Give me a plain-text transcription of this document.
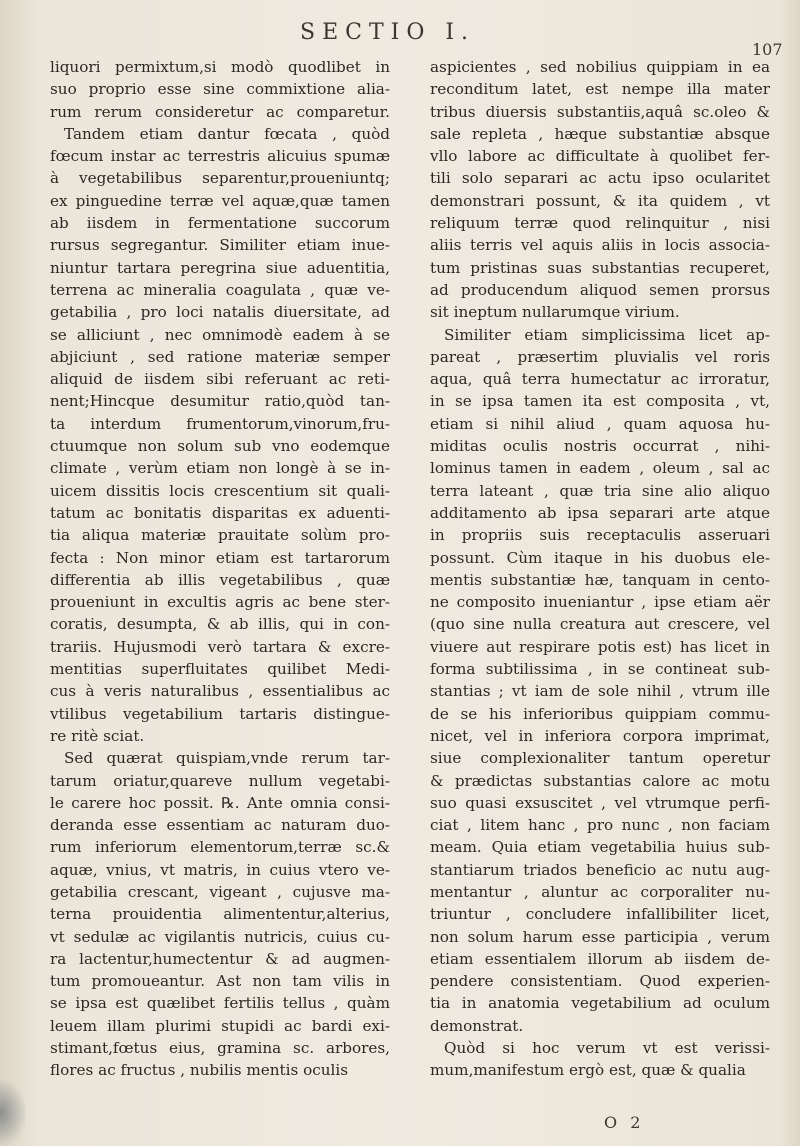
SECTIO I.
107
liquori permixtum,si modò quodlibet in
suo proprio esse sine commixtione alia-
rum rerum consideretur ac comparetur.
Tandem etiam dantur fœcata , quòd
fœcum instar ac terrestris alicuius spumæ
à vegetabilibus separentur,proueniuntq;
ex pinguedine terræ vel aquæ,quæ tamen
ab iisdem in fermentatione succorum
rursus segregantur. Similiter etiam inue-
niuntur tartara peregrina siue aduentitia,
terrena ac mineralia coagulata , quæ ve-
getabilia , pro loci natalis diuersitate, ad
se alliciunt , nec omnimodè eadem à se
abjiciunt , sed ratione materiæ semper
aliquid de iisdem sibi referuant ac reti-
nent;Hincque desumitur ratio,quòd tan-
ta interdum frumentorum,vinorum,fru-
ctuumque non solum sub vno eodemque
climate , verùm etiam non longè à se in-
uicem dissitis locis crescentium sit quali-
tatum ac bonitatis disparitas ex aduenti-
tia aliqua materiæ prauitate solùm pro-
fecta : Non minor etiam est tartarorum
differentia ab illis vegetabilibus , quæ
proueniunt in excultis agris ac bene ster-
coratis, desumpta, & ab illis, qui in con-
trariis. Hujusmodi verò tartara & excre-
mentitias superfluitates quilibet Medi-
cus à veris naturalibus , essentialibus ac
vtilibus vegetabilium tartaris distingue-
re ritè sciat.
Sed quærat quispiam,vnde rerum tar-
tarum oriatur,quareve nullum vegetabi-
le carere hoc possit. ℞. Ante omnia consi-
deranda esse essentiam ac naturam duo-
rum inferiorum elementorum,terræ sc.&
aquæ, vnius, vt matris, in cuius vtero ve-
getabilia crescant, vigeant , cujusve ma-
terna prouidentia alimententur,alterius,
vt sedulæ ac vigilantis nutricis, cuius cu-
ra lactentur,humectentur & ad augmen-
tum promoueantur. Ast non tam vilis in
se ipsa est quælibet fertilis tellus , quàm
leuem illam plurimi stupidi ac bardi exi-
stimant,fœtus eius, gramina sc. arbores,
flores ac fructus , nubilis mentis oculis
aspicientes , sed nobilius quippiam in ea
reconditum latet, est nempe illa mater
tribus diuersis substantiis,aquâ sc.oleo &
sale repleta , hæque substantiæ absque
vllo labore ac difficultate à quolibet fer-
tili solo separari ac actu ipso ocularitet
demonstrari possunt, & ita quidem , vt
reliquum terræ quod relinquitur , nisi
aliis terris vel aquis aliis in locis associa-
tum pristinas suas substantias recuperet,
ad producendum aliquod semen prorsus
sit ineptum nullarumque virium.
Similiter etiam simplicissima licet ap-
pareat , præsertim pluvialis vel roris
aqua, quâ terra humectatur ac irroratur,
in se ipsa tamen ita est composita , vt,
etiam si nihil aliud , quam aquosa hu-
miditas oculis nostris occurrat , nihi-
lominus tamen in eadem , oleum , sal ac
terra lateant , quæ tria sine alio aliquo
additamento ab ipsa separari arte atque
in propriis suis receptaculis asseruari
possunt. Cùm itaque in his duobus ele-
mentis substantiæ hæ, tanquam in cento-
ne composito inueniantur , ipse etiam aër
(quo sine nulla creatura aut crescere, vel
viuere aut respirare potis est) has licet in
forma subtilissima , in se contineat sub-
stantias ; vt iam de sole nihil , vtrum ille
de se his inferioribus quippiam commu-
nicet, vel in inferiora corpora imprimat,
siue complexionaliter tantum operetur
& prædictas substantias calore ac motu
suo quasi exsuscitet , vel vtrumque perfi-
ciat , litem hanc , pro nunc , non faciam
meam. Quia etiam vegetabilia huius sub-
stantiarum triados beneficio ac nutu aug-
mentantur , aluntur ac corporaliter nu-
triuntur , concludere infallibiliter licet,
non solum harum esse participia , verum
etiam essentialem illorum ab iisdem de-
pendere consistentiam. Quod experien-
tia in anatomia vegetabilium ad oculum
demonstrat.
Quòd si hoc verum vt est verissi-
mum,manifestum ergò est, quæ & qualia
O 2
